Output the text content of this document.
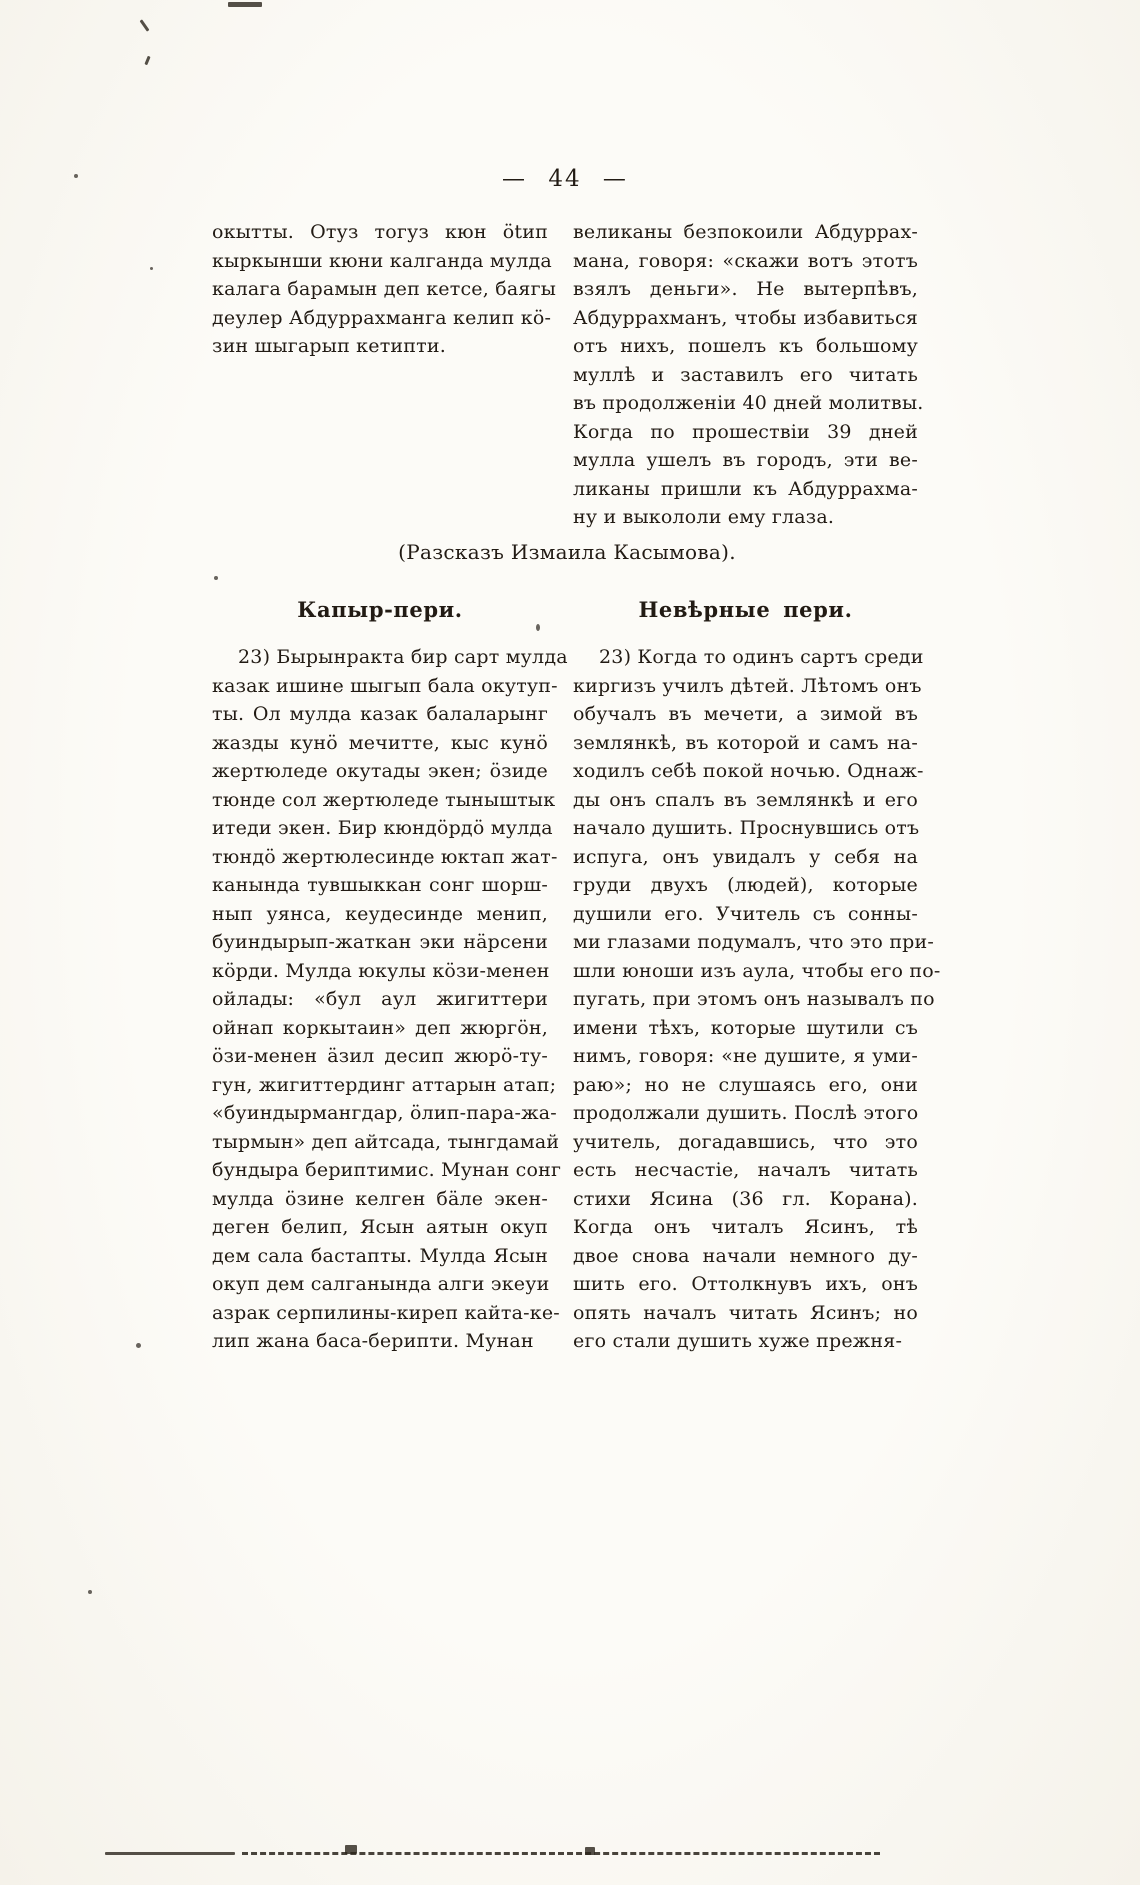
— 44 —
окытты. Отуз тогуз кюн ötип
кыркынши кюни калганда мулда
калага барамын деп кетсе, баягы
деулер Абдуррахманга келип кö-
зин шыгарып кетипти.
великаны безпокоили Абдуррах-
мана, говоря: «скажи вотъ этотъ
взялъ деньги». Не вытерпѣвъ,
Абдуррахманъ, чтобы избавиться
отъ нихъ, пошелъ къ большому
муллѣ и заставилъ его читать
въ продолженіи 40 дней молитвы.
Когда по прошествіи 39 дней
мулла ушелъ въ городъ, эти ве-
ликаны пришли къ Абдуррахма-
ну и выкололи ему глаза.
(Разсказъ Измаила Касымова).
Капыр-пери.	Невѣрные пери.
23) Бырынракта бир сарт мулда
казак ишине шыгып бала окутуп-
ты. Ол мулда казак балаларынг
жазды кунö мечитте, кыс кунö
жертюледе окутады экен; öзиде
тюнде сол жертюледе тыныштык
итеди экен. Бир кюндöрдö мулда
тюндö жертюлесинде юктап жат-
канында тувшыккан сонг шорш-
нып уянса, кеудесинде менип,
буиндырып-жаткан эки нäрсени
кöрди. Мулда юкулы кöзи-менен
ойлады: «бул аул жигиттери
ойнап коркытаин» деп жюргöн,
öзи-менен äзил десип жюрö-ту-
гун, жигиттердинг аттарын атап;
«буиндырмангдар, öлип-пара-жа-
тырмын» деп айтсада, тынгдамай
бундыра бериптимис. Мунан сонг
мулда öзине келген бäле экен-
деген белип, Ясын аятын окуп
дем сала бастапты. Мулда Ясын
окуп дем салганында алги экеуи
азрак серпилины-киреп кайта-ке-
лип жана баса-берипти. Мунан
23) Когда то одинъ сартъ среди
киргизъ училъ дѣтей. Лѣтомъ онъ
обучалъ въ мечети, а зимой въ
землянкѣ, въ которой и самъ на-
ходилъ себѣ покой ночью. Однаж-
ды онъ спалъ въ землянкѣ и его
начало душить. Проснувшись отъ
испуга, онъ увидалъ у себя на
груди двухъ (людей), которые
душили его. Учитель съ сонны-
ми глазами подумалъ, что это при-
шли юноши изъ аула, чтобы его по-
пугать, при этомъ онъ называлъ по
имени тѣхъ, которые шутили съ
нимъ, говоря: «не душите, я уми-
раю»; но не слушаясь его, они
продолжали душить. Послѣ этого
учитель, догадавшись, что это
есть несчастіе, началъ читать
стихи Ясина (36 гл. Корана).
Когда онъ читалъ Ясинъ, тѣ
двое снова начали немного ду-
шить его. Оттолкнувъ ихъ, онъ
опять началъ читать Ясинъ; но
его стали душить хуже прежня-
